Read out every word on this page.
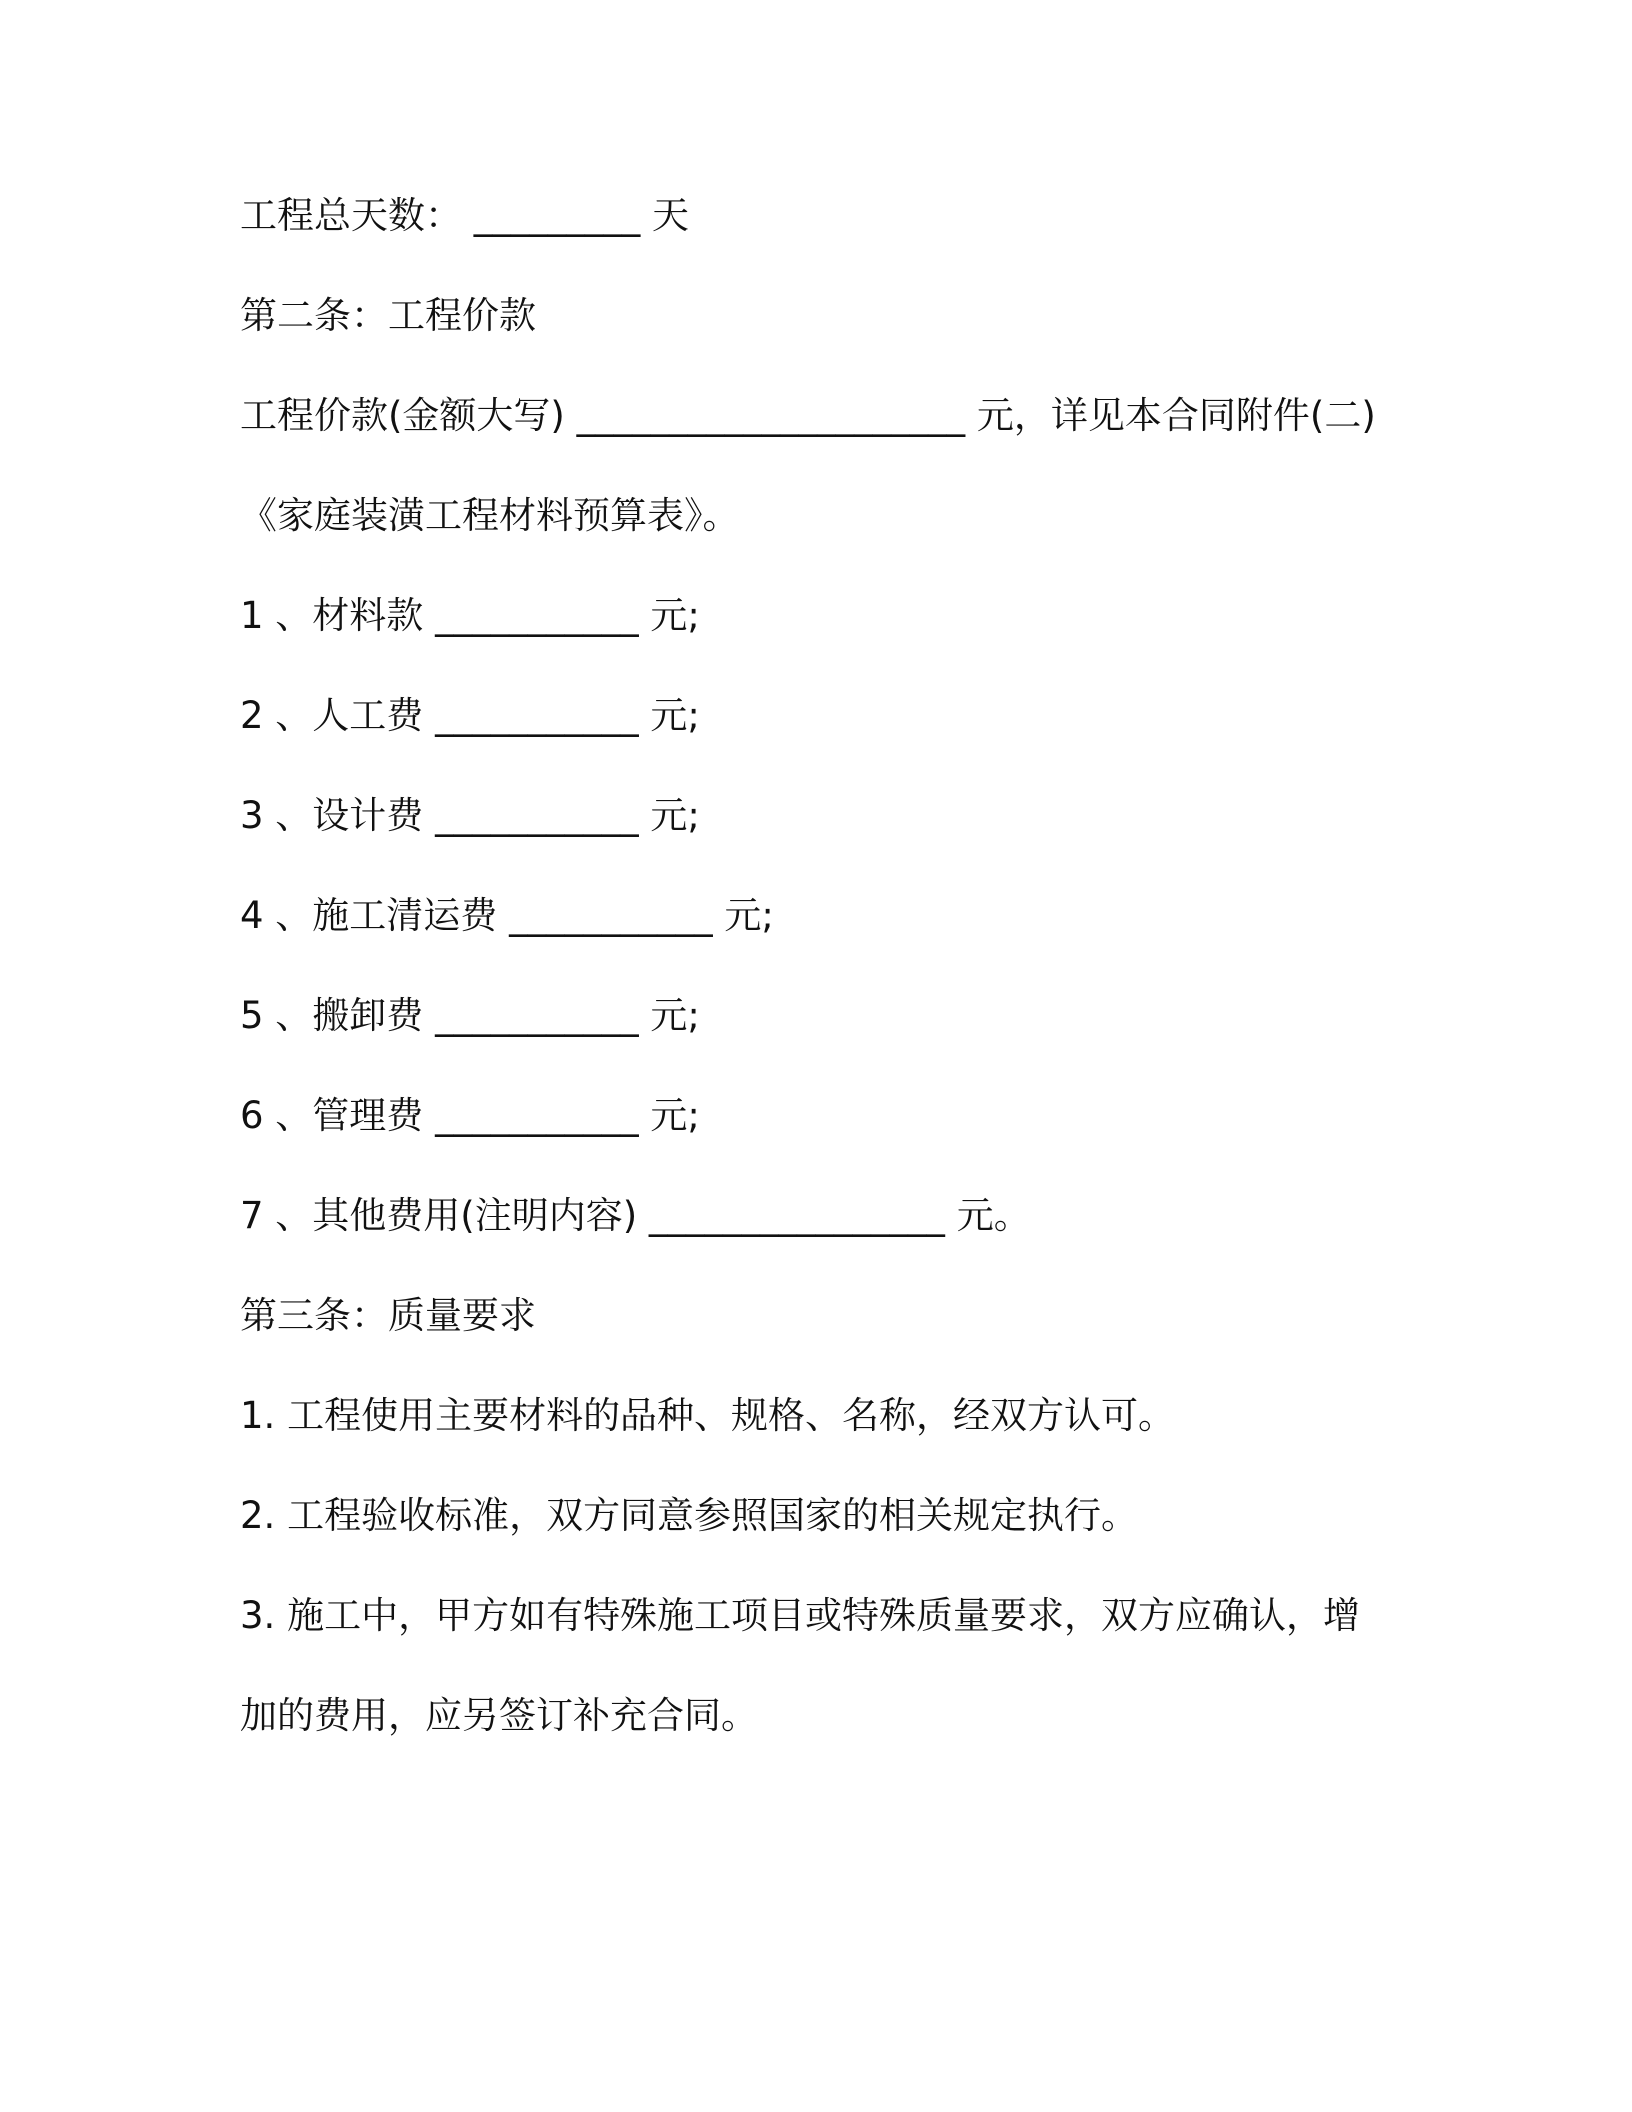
工程总天数： _________ 天
第二条：工程价款
工程价款(金额大写) _____________________ 元，详见本合同附件(二)
《家庭装潢工程材料预算表》。
1 、材料款 ___________ 元;
2 、人工费 ___________ 元;
3 、设计费 ___________ 元;
4 、施工清运费 ___________ 元;
5 、搬卸费 ___________ 元;
6 、管理费 ___________ 元;
7 、其他费用(注明内容) ________________ 元。
第三条：质量要求
1. 工程使用主要材料的品种、规格、名称，经双方认可。
2. 工程验收标准，双方同意参照国家的相关规定执行。
3. 施工中，甲方如有特殊施工项目或特殊质量要求，双方应确认，增
加的费用，应另签订补充合同。
